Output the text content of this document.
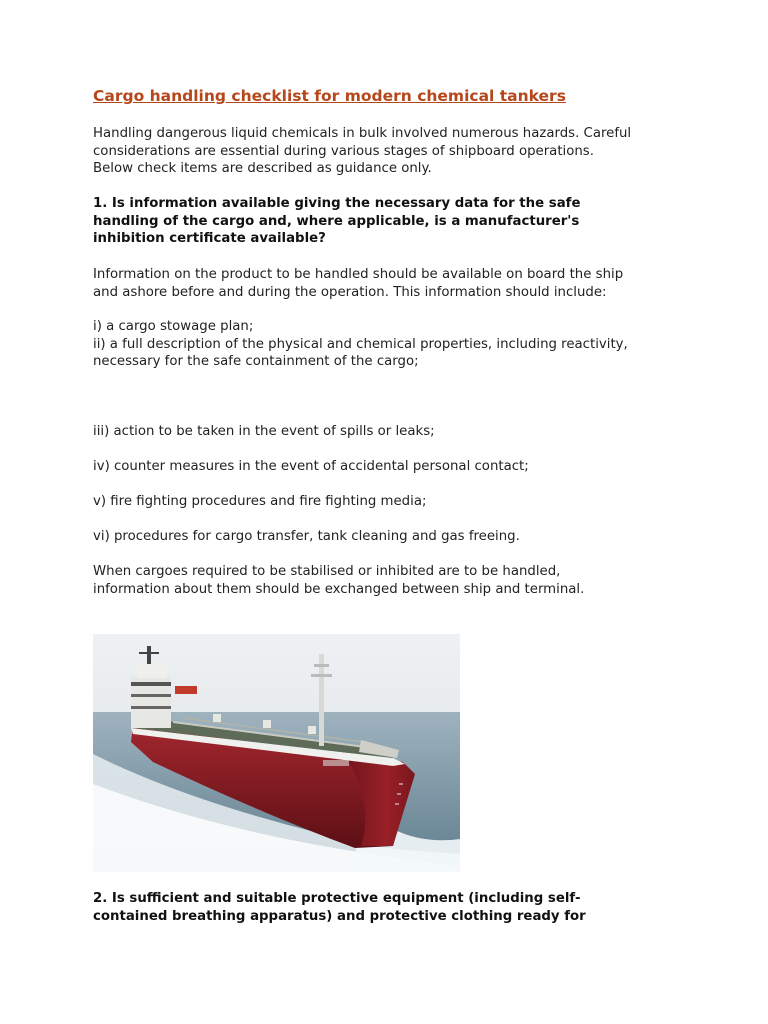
Cargo handling checklist for modern chemical tankers

Handling dangerous liquid chemicals in bulk involved numerous hazards. Careful
considerations are essential during various stages of shipboard operations.
Below check items are described as guidance only.

1. Is information available giving the necessary data for the safe
handling of the cargo and, where applicable, is a manufacturer's
inhibition certificate available?

Information on the product to be handled should be available on board the ship
and ashore before and during the operation. This information should include:

i) a cargo stowage plan;
ii) a full description of the physical and chemical properties, including reactivity,
necessary for the safe containment of the cargo;

iii) action to be taken in the event of spills or leaks;

iv) counter measures in the event of accidental personal contact;

v) fire fighting procedures and fire fighting media;

vi) procedures for cargo transfer, tank cleaning and gas freeing.

When cargoes required to be stabilised or inhibited are to be handled,
information about them should be exchanged between ship and terminal.

2. Is sufficient and suitable protective equipment (including self-
contained breathing apparatus) and protective clothing ready for
